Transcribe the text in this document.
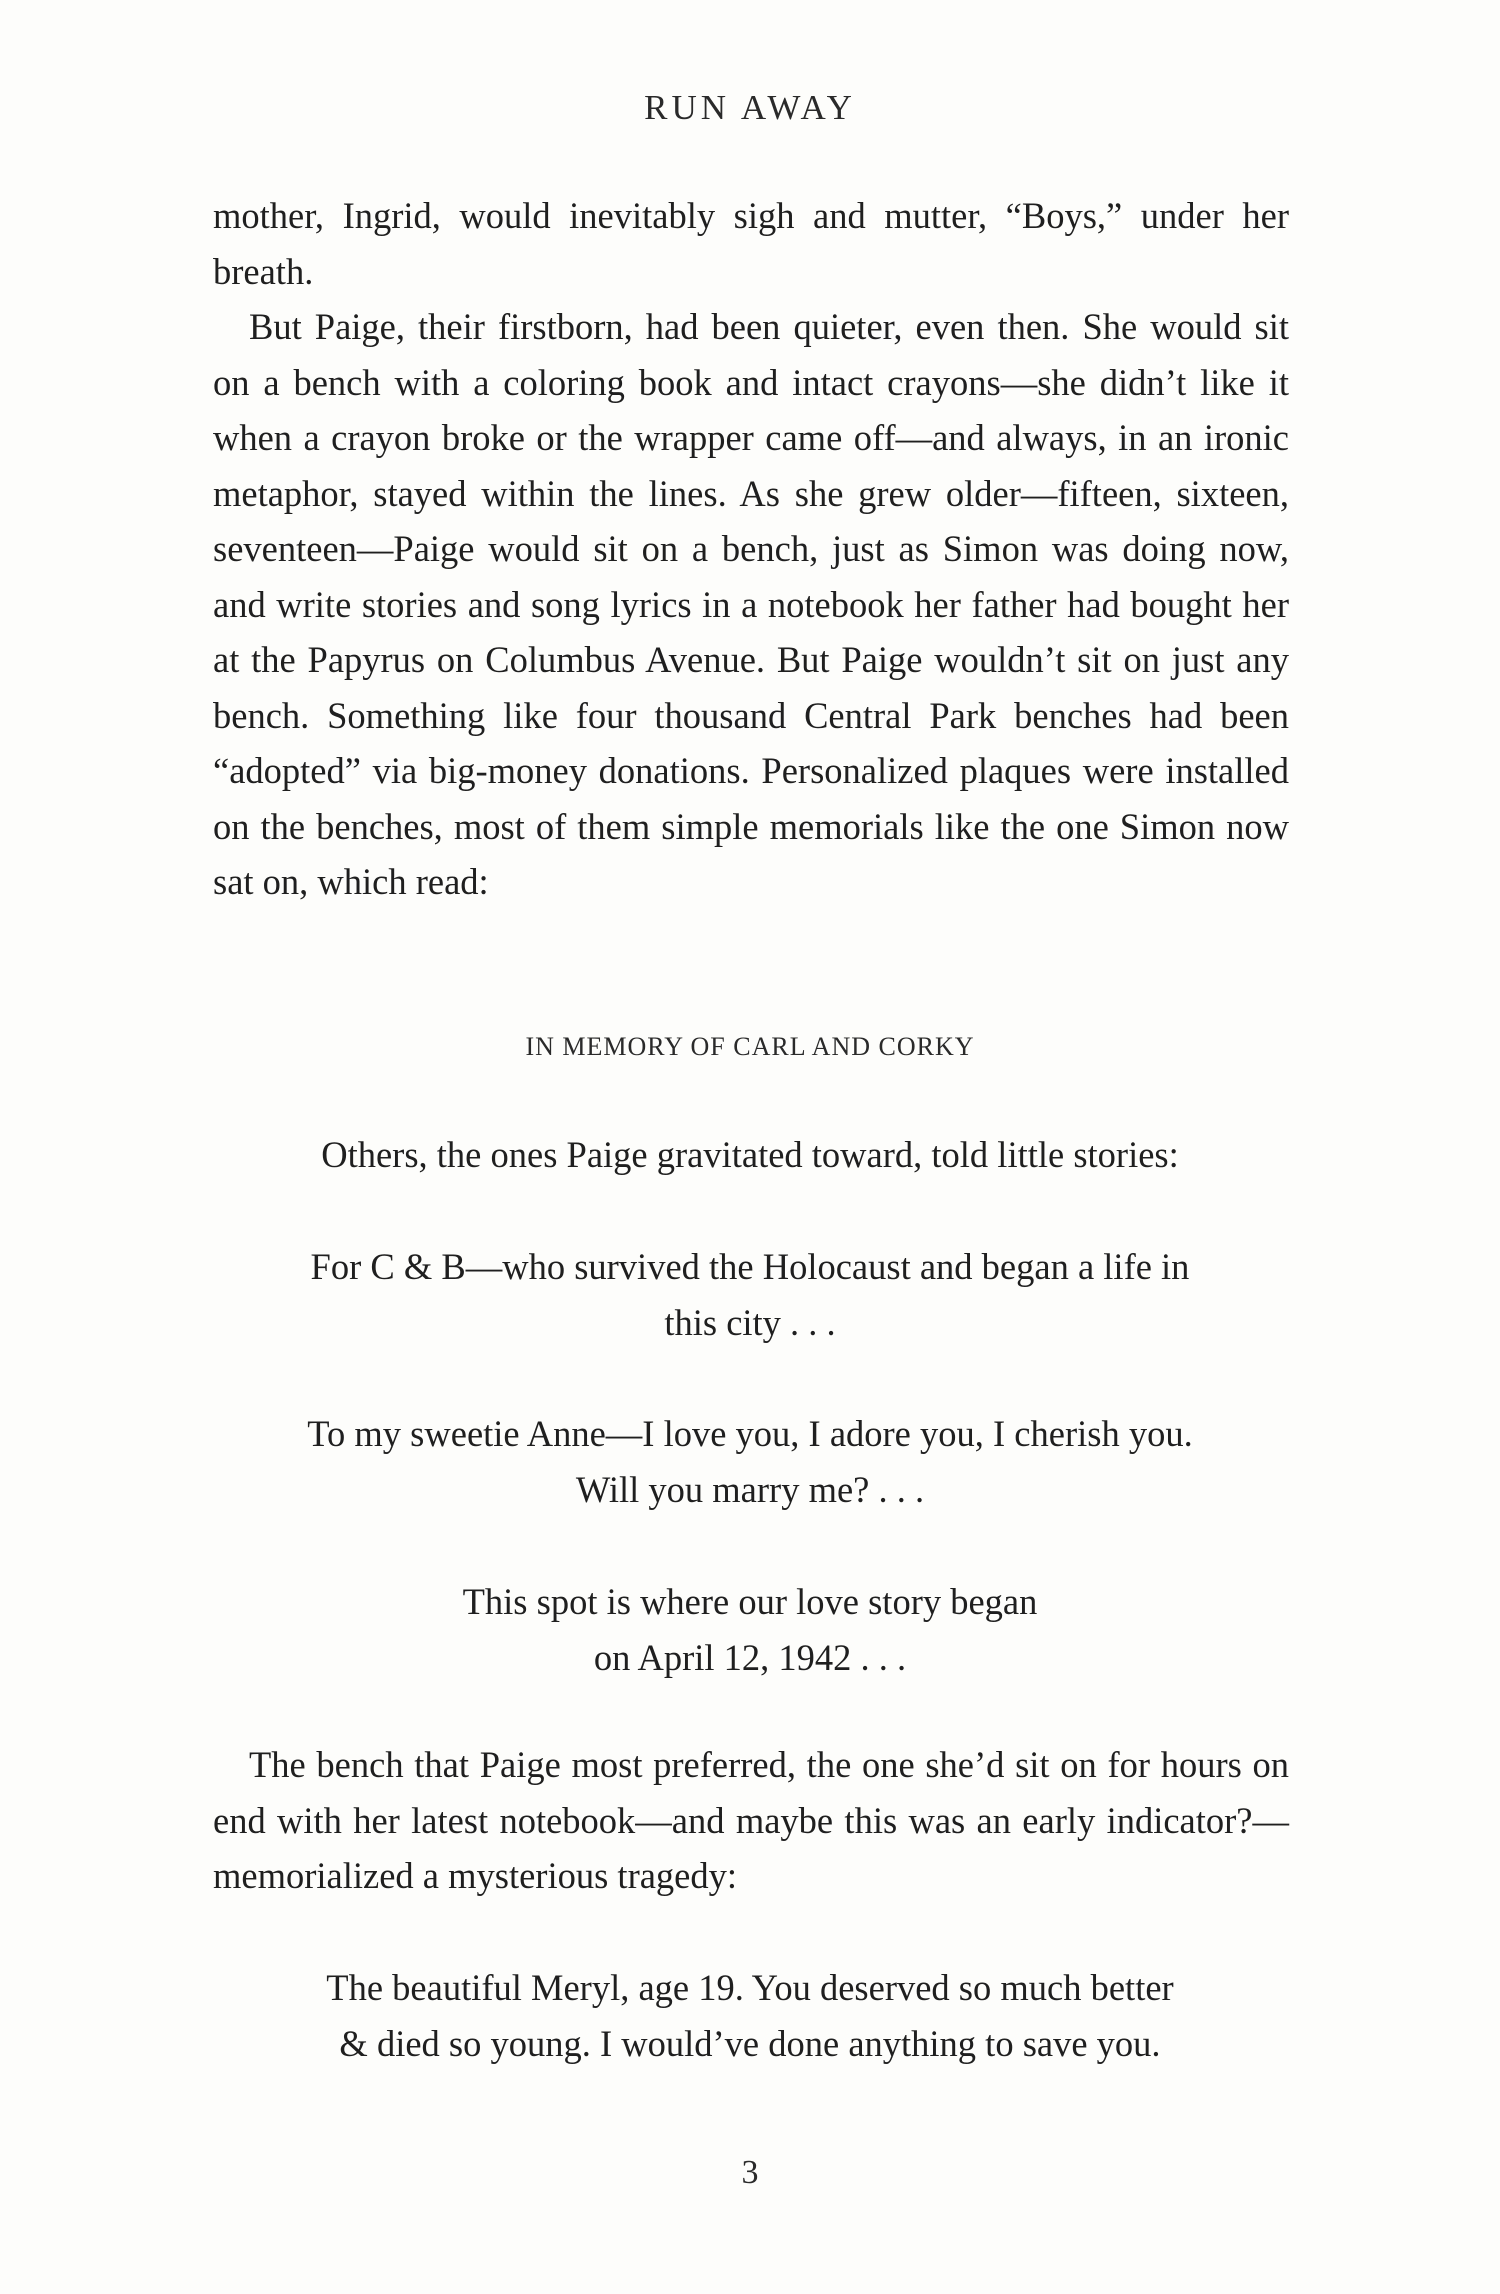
RUN AWAY

mother, Ingrid, would inevitably sigh and mutter, “Boys,” under her breath.

But Paige, their firstborn, had been quieter, even then. She would sit on a bench with a coloring book and intact crayons—she didn’t like it when a crayon broke or the wrapper came off—and always, in an ironic metaphor, stayed within the lines. As she grew older—fifteen, sixteen, seventeen—Paige would sit on a bench, just as Simon was doing now, and write stories and song lyrics in a notebook her father had bought her at the Papyrus on Columbus Avenue. But Paige wouldn’t sit on just any bench. Something like four thousand Central Park benches had been “adopted” via big-money donations. Personalized plaques were installed on the benches, most of them simple memorials like the one Simon now sat on, which read:

IN MEMORY OF CARL AND CORKY

Others, the ones Paige gravitated toward, told little stories:

For C & B—who survived the Holocaust and began a life in
this city . . .
To my sweetie Anne—I love you, I adore you, I cherish you.
Will you marry me? . . .
This spot is where our love story began
on April 12, 1942 . . .

The bench that Paige most preferred, the one she’d sit on for hours on end with her latest notebook—and maybe this was an early indicator?—memorialized a mysterious tragedy:

The beautiful Meryl, age 19. You deserved so much better
& died so young. I would’ve done anything to save you.
3
